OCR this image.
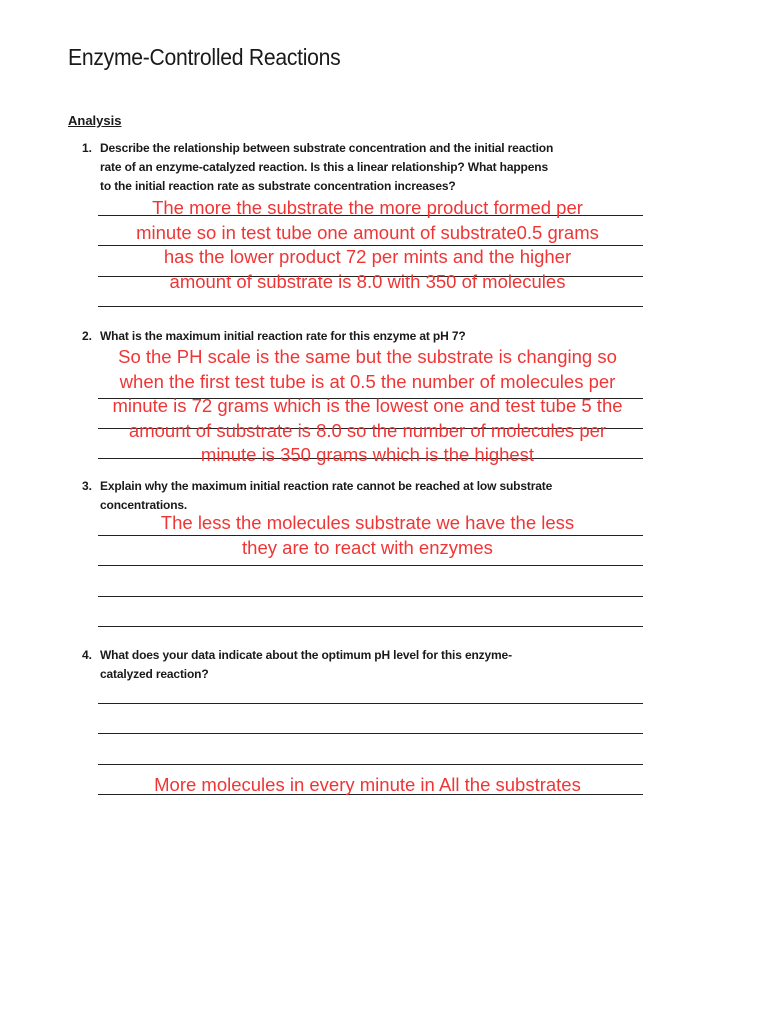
Enzyme-Controlled Reactions
Analysis
1. Describe the relationship between substrate concentration and the initial reaction
rate of an enzyme-catalyzed reaction. Is this a linear relationship? What happens
to the initial reaction rate as substrate concentration increases?
The more the substrate the more product formed per
minute so in test tube one amount of substrate0.5 grams
has the lower product 72 per mints and the higher
amount of substrate is 8.0 with 350 of molecules
2. What is the maximum initial reaction rate for this enzyme at pH 7?
So the PH scale is the same but the substrate is changing so
when the first test tube is at 0.5 the number of molecules per
minute is 72 grams which is the lowest one and test tube 5 the
amount of substrate is 8.0 so the number of molecules per
minute is 350 grams which is the highest
3. Explain why the maximum initial reaction rate cannot be reached at low substrate
concentrations.
The less the molecules substrate we have the less
they are to react with enzymes
4. What does your data indicate about the optimum pH level for this enzyme-
catalyzed reaction?
More molecules in every minute in All the substrates
